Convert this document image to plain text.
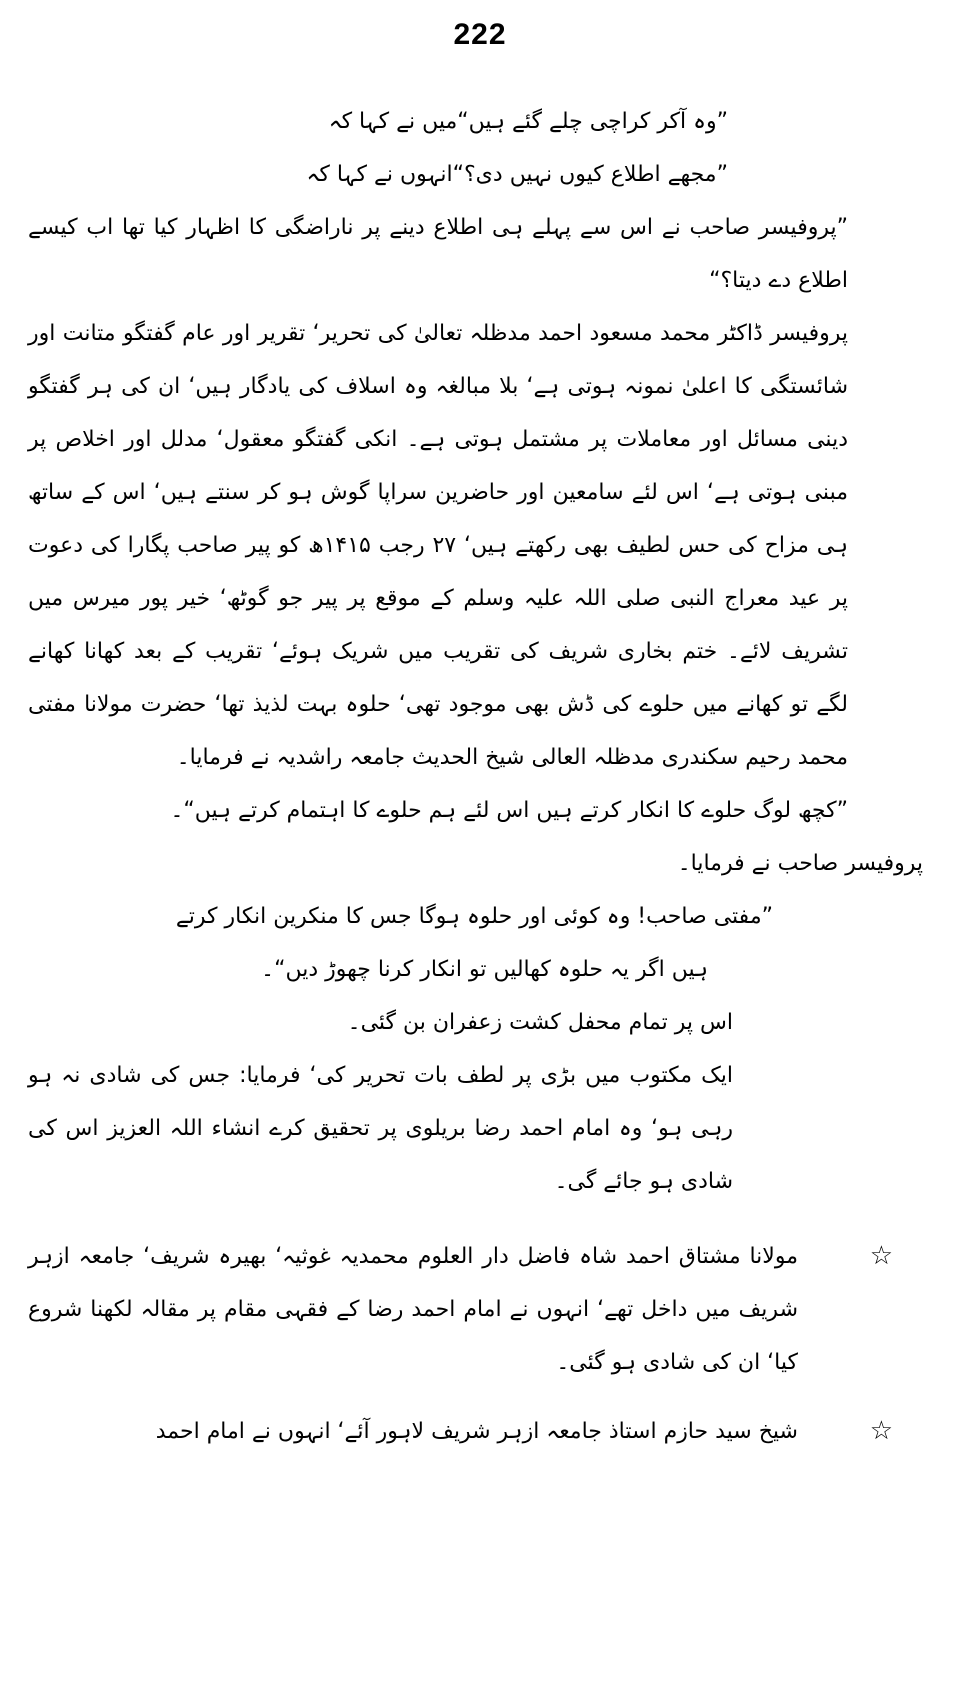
222

”وہ آکر کراچی چلے گئے ہیں“میں نے کہا کہ

”مجھے اطلاع کیوں نہیں دی؟“انہوں نے کہا کہ

”پروفیسر صاحب نے اس سے پہلے ہی اطلاع دینے پر ناراضگی کا اظہار کیا تھا اب کیسے اطلاع دے دیتا؟“

پروفیسر ڈاکٹر محمد مسعود احمد مدظلہ تعالیٰ کی تحریر‘ تقریر اور عام گفتگو متانت اور شائستگی کا اعلیٰ نمونہ ہوتی ہے‘ بلا مبالغہ وہ اسلاف کی یادگار ہیں‘ ان کی ہر گفتگو دینی مسائل اور معاملات پر مشتمل ہوتی ہے۔ انکی گفتگو معقول‘ مدلل اور اخلاص پر مبنی ہوتی ہے‘ اس لئے سامعین اور حاضرین سراپا گوش ہو کر سنتے ہیں‘ اس کے ساتھ ہی مزاح کی حس لطیف بھی رکھتے ہیں‘ ۲۷ رجب ۱۴۱۵ھ کو پیر صاحب پگارا کی دعوت پر عید معراج النبی صلی اللہ علیہ وسلم کے موقع پر پیر جو گوٹھ‘ خیر پور میرس میں تشریف لائے۔ ختم بخاری شریف کی تقریب میں شریک ہوئے‘ تقریب کے بعد کھانا کھانے لگے تو کھانے میں حلوے کی ڈش بھی موجود تھی‘ حلوہ بہت لذیذ تھا‘ حضرت مولانا مفتی محمد رحیم سکندری مدظلہ العالی شیخ الحدیث جامعہ راشدیہ نے فرمایا۔

”کچھ لوگ حلوے کا انکار کرتے ہیں اس لئے ہم حلوے کا اہتمام کرتے ہیں“۔

پروفیسر صاحب نے فرمایا۔

”مفتی صاحب! وہ کوئی اور حلوہ ہوگا جس کا منکرین انکار کرتے

ہیں اگر یہ حلوہ کھالیں تو انکار کرنا چھوڑ دیں“۔

اس پر تمام محفل کشت زعفران بن گئی۔

ایک مکتوب میں بڑی پر لطف بات تحریر کی‘ فرمایا: جس کی شادی نہ ہو رہی ہو‘ وہ امام احمد رضا بریلوی پر تحقیق کرے انشاء اللہ العزیز اس کی شادی ہو جائے گی۔

☆
مولانا مشتاق احمد شاہ فاضل دار العلوم محمدیہ غوثیہ‘ بھیرہ شریف‘ جامعہ ازہر شریف میں داخل تھے‘ انہوں نے امام احمد رضا کے فقہی مقام پر مقالہ لکھنا شروع کیا‘ ان کی شادی ہو گئی۔
☆
شیخ سید حازم استاذ جامعہ ازہر شریف لاہور آئے‘ انہوں نے امام احمد
